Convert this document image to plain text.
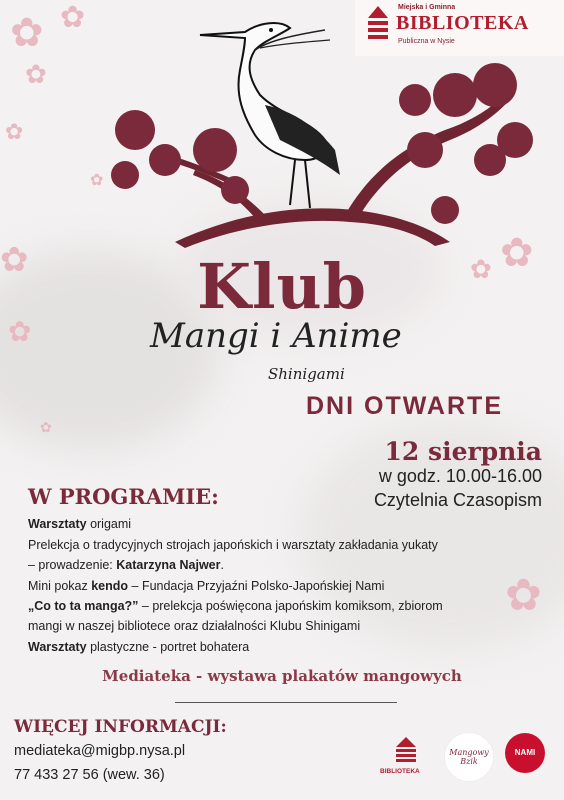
✿ ✿
✿
✿
✿
✿
✿
✿
✿
✿
✿
Miejska i Gminna
BIBLIOTEKA
Publiczna w Nysie
Klub
Mangi i Anime
Shinigami
DNI OTWARTE
12 sierpnia
w godz. 10.00-16.00
Czytelnia Czasopism
W PROGRAMIE:
Warsztaty origami
Prelekcja o tradycyjnych strojach japońskich i warsztaty zakładania yukaty
– prowadzenie: Katarzyna Najwer.
Mini pokaz kendo – Fundacja Przyjaźni Polsko-Japońskiej Nami
„Co to ta manga?” – prelekcja poświęcona japońskim komiksom, zbiorom
mangi w naszej bibliotece oraz działalności Klubu Shinigami
Warsztaty plastyczne - portret bohatera
Mediateka - wystawa plakatów mangowych
WIĘCEJ INFORMACJI:
mediateka@migbp.nysa.pl
77 433 27 56 (wew. 36)	BIBLIOTEKA
Mangowy Bzik
NAMI
